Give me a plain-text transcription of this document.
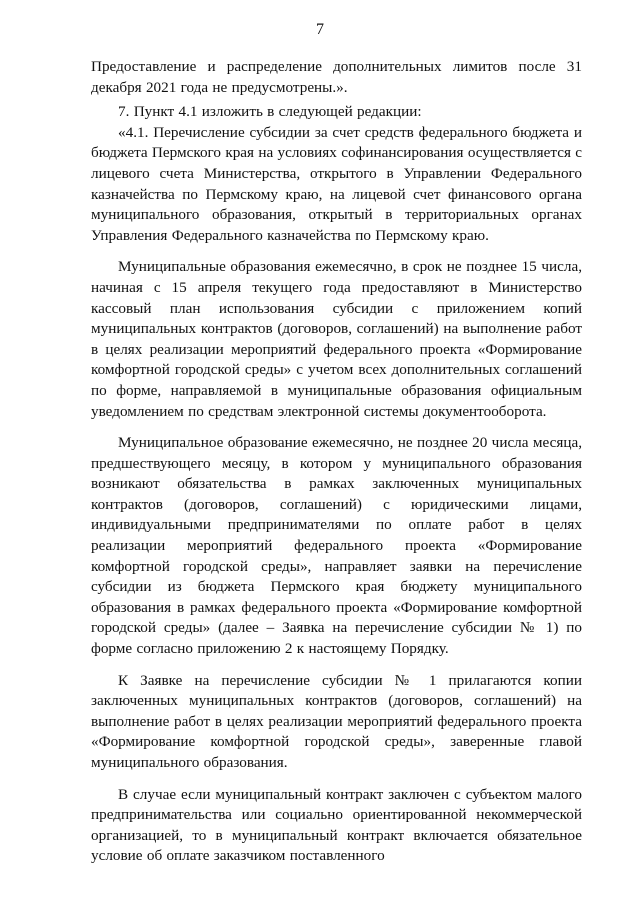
7

Предоставление и распределение дополнительных лимитов после 31 декабря 2021 года не предусмотрены.».

7. Пункт 4.1 изложить в следующей редакции:

«4.1. Перечисление субсидии за счет средств федерального бюджета и бюджета Пермского края на условиях софинансирования осуществляется с лицевого счета Министерства, открытого в Управлении Федерального казначейства по Пермскому краю, на лицевой счет финансового органа муниципального образования, открытый в территориальных органах Управления Федерального казначейства по Пермскому краю.

Муниципальные образования ежемесячно, в срок не позднее 15 числа, начиная с 15 апреля текущего года предоставляют в Министерство кассовый план использования субсидии с приложением копий муниципальных контрактов (договоров, соглашений) на выполнение работ в целях реализации мероприятий федерального проекта «Формирование комфортной городской среды» с учетом всех дополнительных соглашений по форме, направляемой в муниципальные образования официальным уведомлением по средствам электронной системы документооборота.

Муниципальное образование ежемесячно, не позднее 20 числа месяца, предшествующего месяцу, в котором у муниципального образования возникают обязательства в рамках заключенных муниципальных контрактов (договоров, соглашений) с юридическими лицами, индивидуальными предпринимателями по оплате работ в целях реализации мероприятий федерального проекта «Формирование комфортной городской среды», направляет заявки на перечисление субсидии из бюджета Пермского края бюджету муниципального образования в рамках федерального проекта «Формирование комфортной городской среды» (далее – Заявка на перечисление субсидии № 1) по форме согласно приложению 2 к настоящему Порядку.

К Заявке на перечисление субсидии № 1 прилагаются копии заключенных муниципальных контрактов (договоров, соглашений) на выполнение работ в целях реализации мероприятий федерального проекта «Формирование комфортной городской среды», заверенные главой муниципального образования.

В случае если муниципальный контракт заключен с субъектом малого предпринимательства или социально ориентированной некоммерческой организацией, то в муниципальный контракт включается обязательное условие об оплате заказчиком поставленного
